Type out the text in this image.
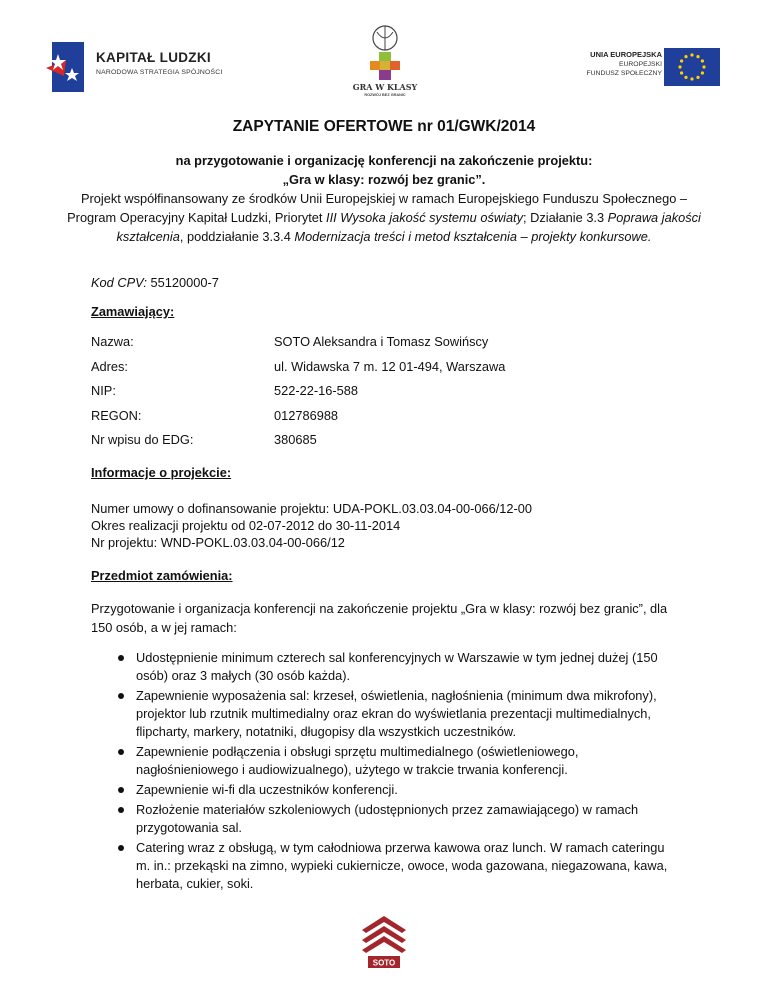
KAPITAŁ LUDZKI
NARODOWA STRATEGIA SPÓJNOŚCI
GRA W KLASY
ROZWÓJ BEZ GRANIC
UNIA EUROPEJSKA
EUROPEJSKI
FUNDUSZ SPOŁECZNY
ZAPYTANIE OFERTOWE nr 01/GWK/2014
na przygotowanie i organizację konferencji na zakończenie projektu:
„Gra w klasy: rozwój bez granic”.
Projekt współfinansowany ze środków Unii Europejskiej w ramach Europejskiego Funduszu Społecznego – Program Operacyjny Kapitał Ludzki, Priorytet III Wysoka jakość systemu oświaty; Działanie 3.3 Poprawa jakości kształcenia, poddziałanie 3.3.4 Modernizacja treści i metod kształcenia – projekty konkursowe.
Kod CPV: 55120000-7
Zamawiający:
Nazwa:	SOTO Aleksandra i Tomasz Sowińscy
Adres:	ul. Widawska 7 m. 12 01-494, Warszawa
NIP:	522-22-16-588
REGON:	012786988
Nr wpisu do EDG:	380685
Informacje o projekcie:
Numer umowy o dofinansowanie projektu: UDA-POKL.03.03.04-00-066/12-00
Okres realizacji projektu od 02-07-2012 do 30-11-2014
Nr projektu: WND-POKL.03.03.04-00-066/12
Przedmiot zamówienia:
Przygotowanie i organizacja konferencji na zakończenie projektu „Gra w klasy: rozwój bez granic”, dla 150 osób, a w jej ramach:
Udostępnienie minimum czterech sal konferencyjnych w Warszawie w tym jednej dużej (150 osób) oraz 3 małych (30 osób każda).
Zapewnienie wyposażenia sal: krzeseł, oświetlenia, nagłośnienia (minimum dwa mikrofony), projektor lub rzutnik multimedialny oraz ekran do wyświetlania prezentacji multimedialnych, flipcharty, markery, notatniki, długopisy dla wszystkich uczestników.
Zapewnienie podłączenia i obsługi sprzętu multimedialnego (oświetleniowego, nagłośnieniowego i audiowizualnego), użytego w trakcie trwania konferencji.
Zapewnienie wi-fi dla uczestników konferencji.
Rozłożenie materiałów szkoleniowych (udostępnionych przez zamawiającego) w ramach przygotowania sal.
Catering wraz z obsługą, w tym całodniowa przerwa kawowa oraz lunch. W ramach cateringu m. in.: przekąski na zimno, wypieki cukiernicze, owoce, woda gazowana, niegazowana, kawa, herbata, cukier, soki.
SOTO
